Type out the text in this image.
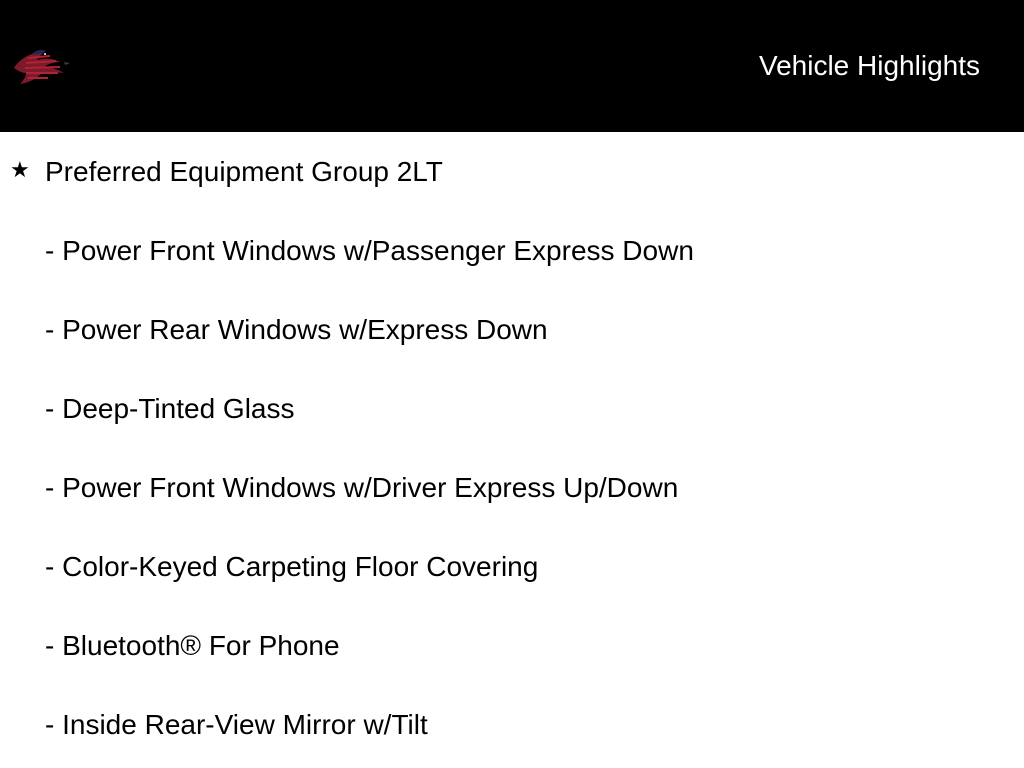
Vehicle Highlights
★ Preferred Equipment Group 2LT
- Power Front Windows w/Passenger Express Down
- Power Rear Windows w/Express Down
- Deep-Tinted Glass
- Power Front Windows w/Driver Express Up/Down
- Color-Keyed Carpeting Floor Covering
- Bluetooth® For Phone
- Inside Rear-View Mirror w/Tilt
